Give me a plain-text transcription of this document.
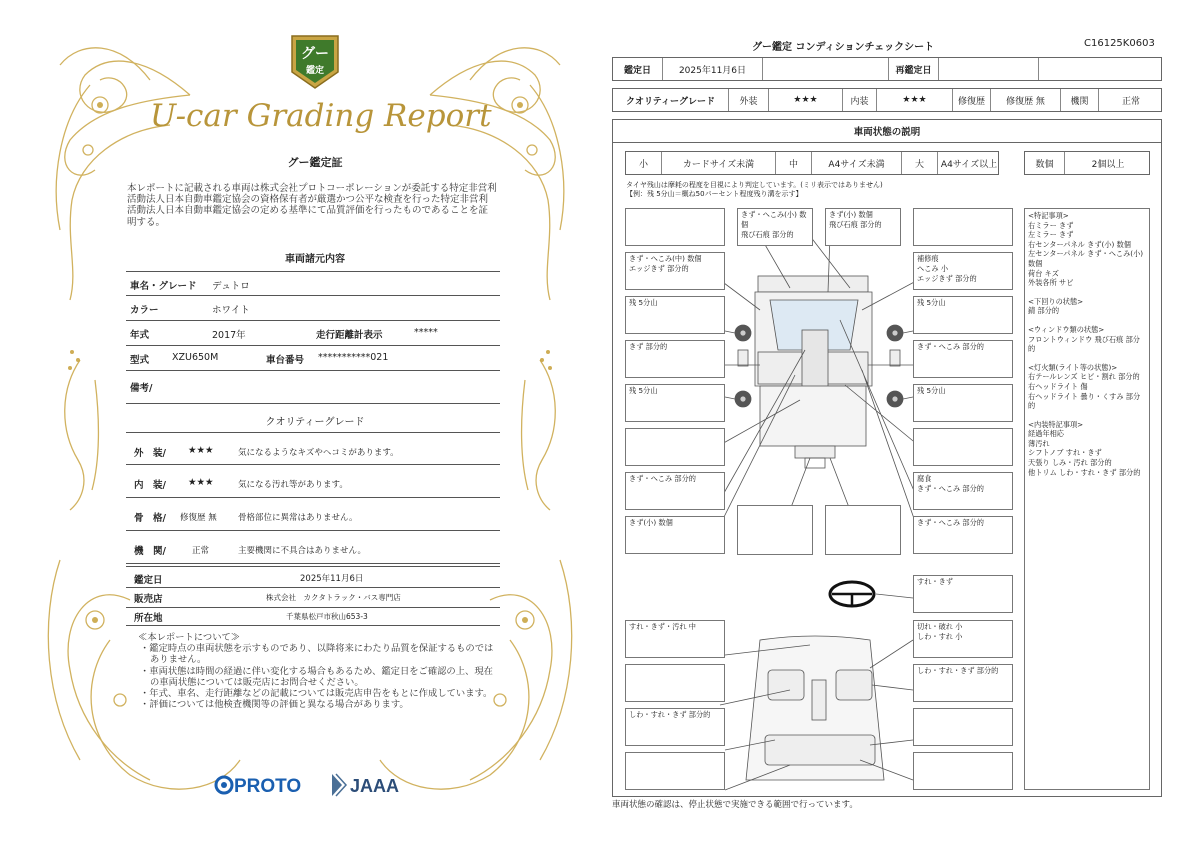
グー
鑑定
U-car Grading Report
グー鑑定証
本レポートに記載される車両は株式会社プロトコーポレーションが委託する特定非営利活動法人日本自動車鑑定協会の資格保有者が厳選かつ公平な検査を行った特定非営利活動法人日本自動車鑑定協会の定める基準にて品質評価を行ったものであることを証明する。
車両諸元内容
車名・グレード デュトロ
カラー	ホワイト
年式	2017年	走行距離計表示	*****
型式 XZU650M	車台番号 ***********021
備考/
クオリティーグレード
外　装/ ★★★	気になるようなキズやヘコミがあります。
内　装/ ★★★	気になる汚れ等があります。
骨　格/ 修復歴 無	骨格部位に異常はありません。
機　関/	正常	主要機関に不具合はありません。
鑑定日	2025年11月6日
販売店	株式会社　カクタトラック・バス専門店
所在地	千葉県松戸市秋山653-3
≪本レポートについて≫
・鑑定時点の車両状態を示すものであり、以降将来にわたり品質を保証するものではありません。
・車両状態は時間の経過に伴い変化する場合もあるため、鑑定日をご確認の上、現在の車両状態については販売店にお問合せください。
・年式、車名、走行距離などの記載については販売店申告をもとに作成しています。
・評価については他検査機関等の評価と異なる場合があります。
PROTO	JAAA
グー鑑定 コンディションチェックシート	C16125K0603
鑑定日	2025年11月6日	再鑑定日
クオリティーグレード	外装	★★★	内装	★★★	修復歴	修復歴 無	機関	正常
車両状態の説明
小	カードサイズ未満	中	A4サイズ未満	大	A4サイズ以上	数個	2個以上
タイヤ残山は摩耗の程度を目視により判定しています。(ミリ表示ではありません)
【例：残 5分山＝概ね50パーセント程度残り溝を示す】
きず・へこみ(小) 数個
飛び石痕 部分的
きず(小) 数個
飛び石痕 部分的
きず・へこみ(中) 数個
エッジきず 部分的
補修痕
へこみ 小
エッジきず 部分的
残 5分山	残 5分山
きず 部分的	きず・へこみ 部分的
残 5分山	残 5分山
きず・へこみ 部分的	腐食
きず・へこみ 部分的
きず(小) 数個	きず・へこみ 部分的
すれ・きず
すれ・きず・汚れ 中	切れ・破れ 小
しわ・すれ 小
しわ・すれ・きず 部分的
しわ・すれ・きず 部分的
<特記事項>
右ミラー きず
左ミラー きず
右センターパネル きず(小) 数個
左センターパネル きず・へこみ(小) 数個
荷台 キズ
外装各所 サビ
<下回りの状態>
錆 部分的
<ウィンドウ類の状態>
フロントウィンドウ 飛び石痕 部分的
<灯火類(ライト等の状態)>
右テールレンズ ヒビ・割れ 部分的
右ヘッドライト 傷
右ヘッドライト 曇り・くすみ 部分的
<内装特記事項>
経過年相応
薄汚れ
シフトノブ すれ・きず
天張り しみ・汚れ 部分的
他トリム しわ・すれ・きず 部分的
車両状態の確認は、停止状態で実施できる範囲で行っています。
